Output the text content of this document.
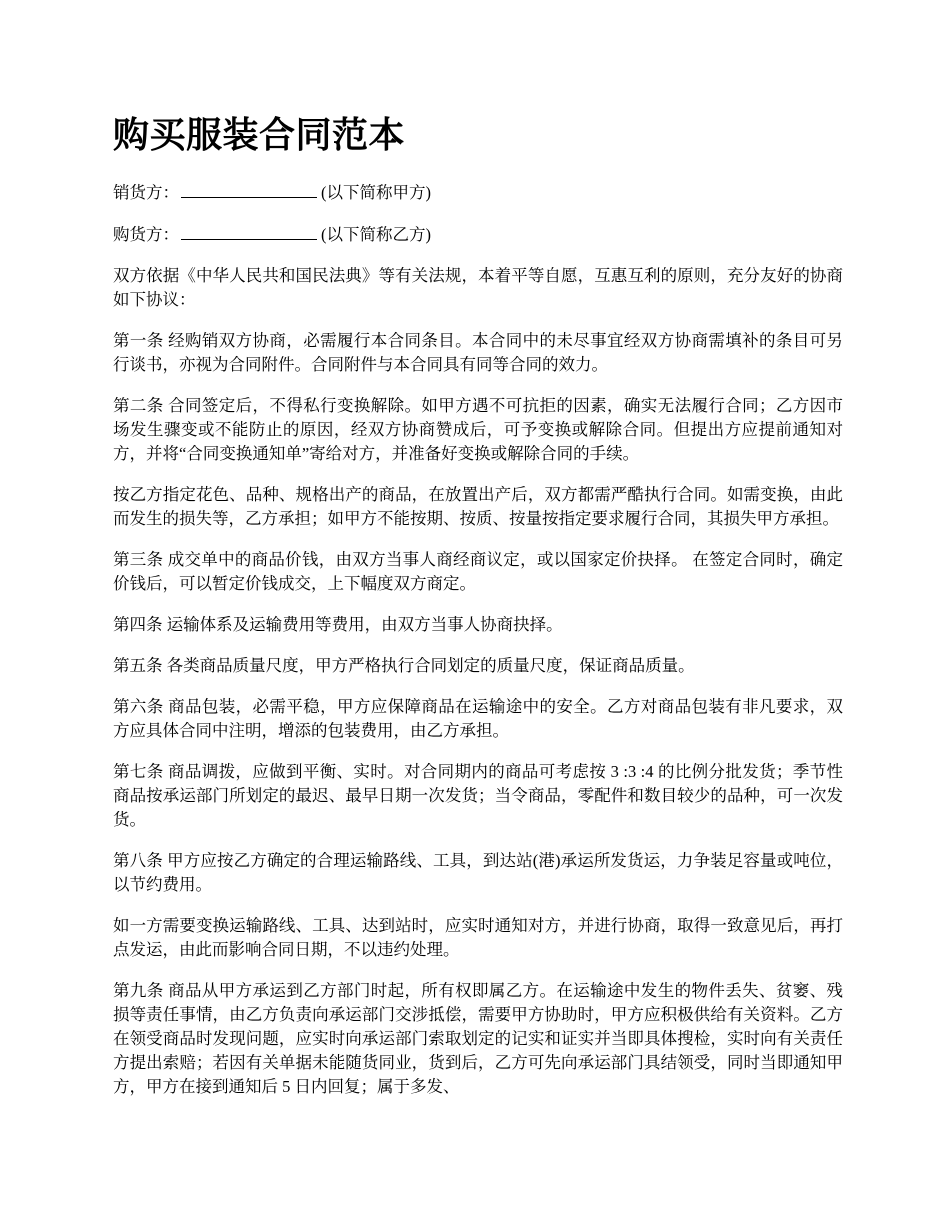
购买服装合同范本
销货方：	(以下简称甲方)
购货方：	(以下简称乙方)

双方依据《中华人民共和国民法典》等有关法规，本着平等自愿，互惠互利的原则，充分友好的协商如下协议：

第一条 经购销双方协商，必需履行本合同条目。本合同中的未尽事宜经双方协商需填补的条目可另行谈书，亦视为合同附件。合同附件与本合同具有同等合同的效力。

第二条 合同签定后，不得私行变换解除。如甲方遇不可抗拒的因素，确实无法履行合同；乙方因市场发生骤变或不能防止的原因，经双方协商赞成后，可予变换或解除合同。但提出方应提前通知对方，并将“合同变换通知单”寄给对方，并准备好变换或解除合同的手续。

按乙方指定花色、品种、规格出产的商品，在放置出产后，双方都需严酷执行合同。如需变换，由此而发生的损失等，乙方承担；如甲方不能按期、按质、按量按指定要求履行合同，其损失甲方承担。

第三条 成交单中的商品价钱，由双方当事人商经商议定，或以国家定价抉择。 在签定合同时，确定价钱后，可以暂定价钱成交，上下幅度双方商定。

第四条 运输体系及运输费用等费用，由双方当事人协商抉择。

第五条 各类商品质量尺度，甲方严格执行合同划定的质量尺度，保证商品质量。

第六条 商品包装，必需平稳，甲方应保障商品在运输途中的安全。乙方对商品包装有非凡要求，双方应具体合同中注明，增添的包装费用，由乙方承担。

第七条 商品调拨，应做到平衡、实时。对合同期内的商品可考虑按 3 :3 :4 的比例分批发货；季节性商品按承运部门所划定的最迟、最早日期一次发货；当令商品，零配件和数目较少的品种，可一次发货。

第八条 甲方应按乙方确定的合理运输路线、工具，到达站(港)承运所发货运，力争装足容量或吨位，以节约费用。

如一方需要变换运输路线、工具、达到站时，应实时通知对方，并进行协商，取得一致意见后，再打点发运，由此而影响合同日期，不以违约处理。

第九条 商品从甲方承运到乙方部门时起，所有权即属乙方。在运输途中发生的物件丢失、贫窭、残损等责任事情，由乙方负责向承运部门交涉抵偿，需要甲方协助时，甲方应积极供给有关资料。乙方在领受商品时发现问题，应实时向承运部门索取划定的记实和证实并当即具体搜检，实时向有关责任方提出索赔；若因有关单据未能随货同业，货到后，乙方可先向承运部门具结领受，同时当即通知甲方，甲方在接到通知后 5 日内回复；属于多发、
